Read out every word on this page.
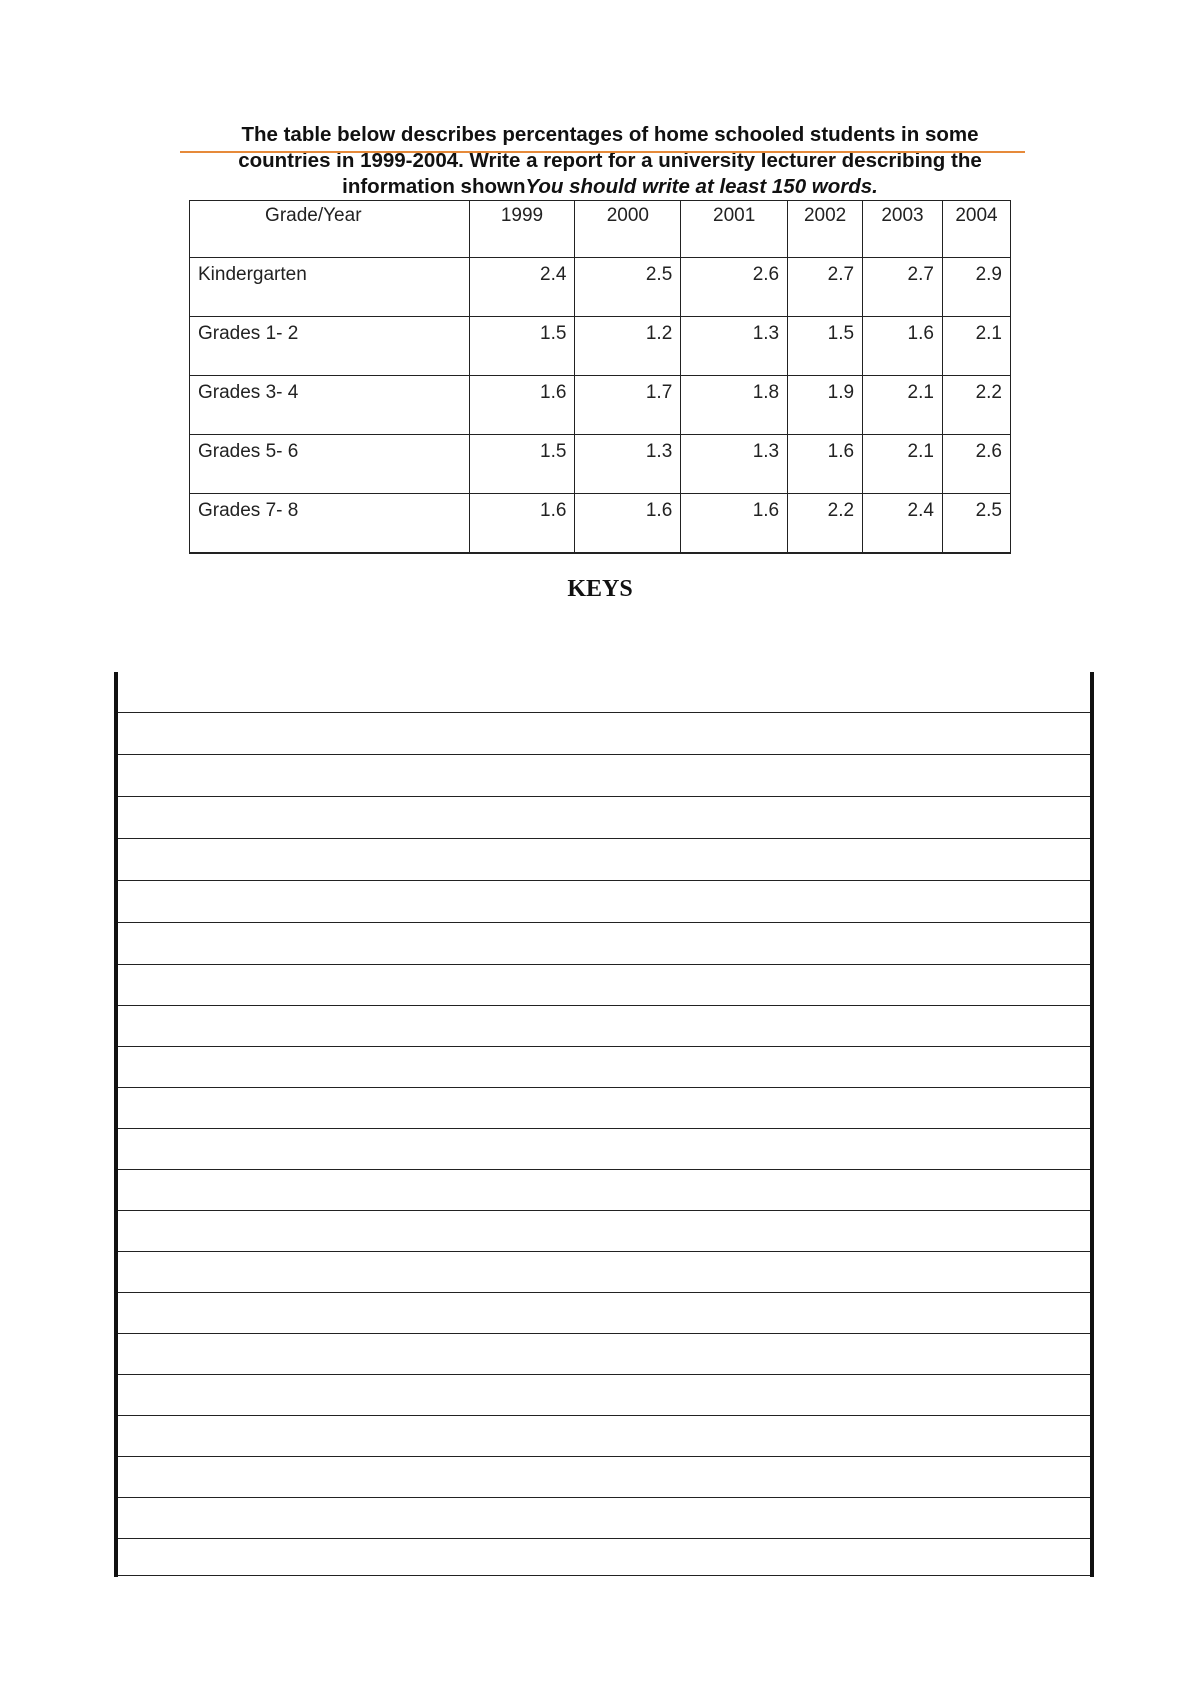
The table below describes percentages of home schooled students in some
countries in 1999-2004. Write a report for a university lecturer describing the
information shownYou should write at least 150 words.
Grade/Year	1999	2000	2001	2002	2003	2004
Kindergarten	2.4	2.5	2.6	2.7	2.7	2.9
Grades 1- 2	1.5	1.2	1.3	1.5	1.6	2.1
Grades 3- 4	1.6	1.7	1.8	1.9	2.1	2.2
Grades 5- 6	1.5	1.3	1.3	1.6	2.1	2.6
Grades 7- 8	1.6	1.6	1.6	2.2	2.4	2.5
KEYS
